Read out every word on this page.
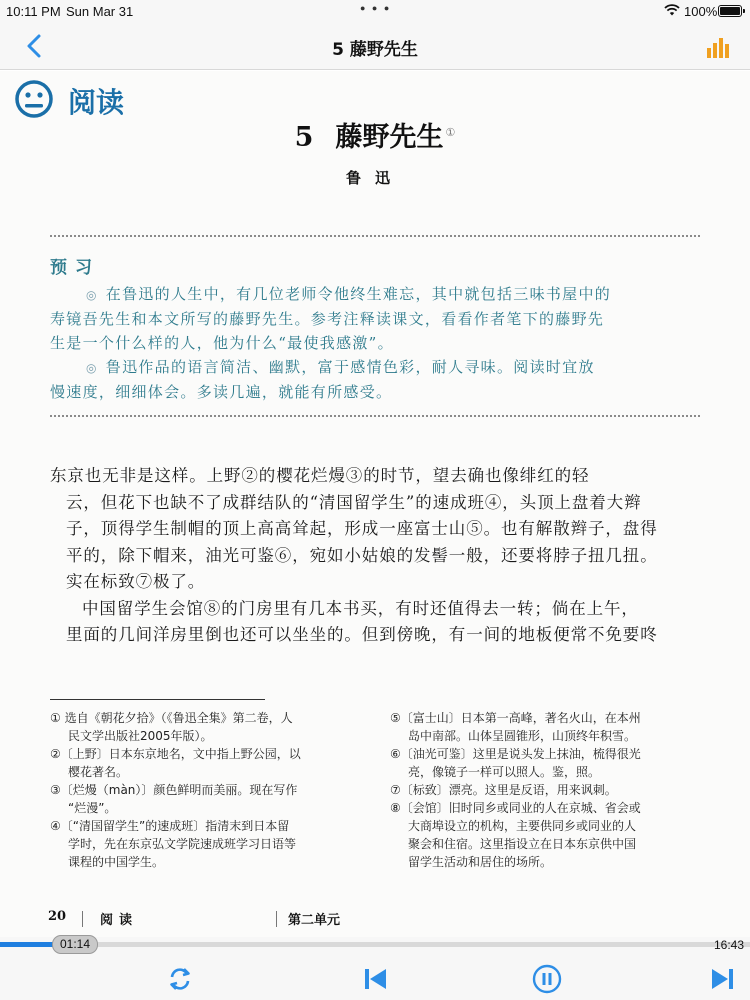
10:11 PM Sun Mar 31	● ● ●	100%
5 藤野先生
阅读
5 藤野先生 ①
鲁迅
预习
◎ 在鲁迅的人生中，有几位老师令他终生难忘，其中就包括三味书屋中的
寿镜吾先生和本文所写的藤野先生。参考注释读课文，看看作者笔下的藤野先
生是一个什么样的人，他为什么“最使我感激”。
◎ 鲁迅作品的语言简洁、幽默，富于感情色彩，耐人寻味。阅读时宜放
慢速度，细细体会。多读几遍，就能有所感受。
东京也无非是这样。上野②的樱花烂熳③的时节，望去确也像绯红的轻
云，但花下也缺不了成群结队的“清国留学生”的速成班④，头顶上盘着大辫
子，顶得学生制帽的顶上高高耸起，形成一座富士山⑤。也有解散辫子，盘得
平的，除下帽来，油光可鉴⑥，宛如小姑娘的发髻一般，还要将脖子扭几扭。
实在标致⑦极了。
中国留学生会馆⑧的门房里有几本书买，有时还值得去一转；倘在上午，
里面的几间洋房里倒也还可以坐坐的。但到傍晚，有一间的地板便常不免要咚
① 选自《朝花夕拾》（《鲁迅全集》第二卷，人
民文学出版社2005年版）。
②〔上野〕日本东京地名，文中指上野公园，以
樱花著名。
③〔烂熳（màn）〕颜色鲜明而美丽。现在写作
“烂漫”。
④〔“清国留学生”的速成班〕指清末到日本留
学时，先在东京弘文学院速成班学习日语等
课程的中国学生。
⑤〔富士山〕日本第一高峰，著名火山，在本州
岛中南部。山体呈圆锥形，山顶终年积雪。
⑥〔油光可鉴〕这里是说头发上抹油，梳得很光
亮，像镜子一样可以照人。鉴，照。
⑦〔标致〕漂亮。这里是反语，用来讽刺。
⑧〔会馆〕旧时同乡或同业的人在京城、省会或
大商埠设立的机构，主要供同乡或同业的人
聚会和住宿。这里指设立在日本东京供中国
留学生活动和居住的场所。
20	阅读	第二单元
01:14	16:43
